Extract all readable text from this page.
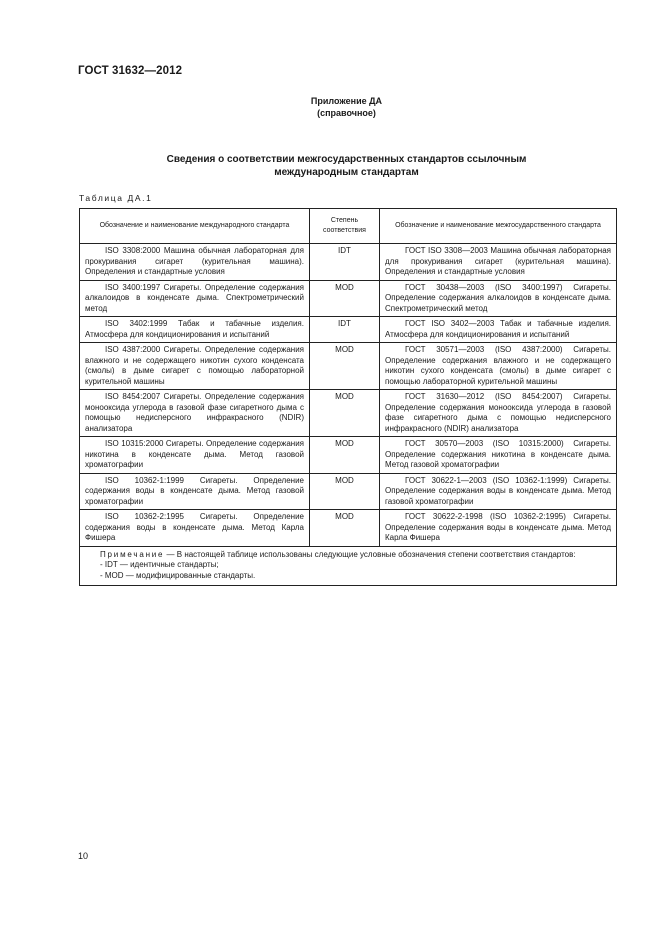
ГОСТ 31632—2012
Приложение ДА
(справочное)
Сведения о соответствии межгосударственных стандартов ссылочным
международным стандартам
Таблица ДА.1
Обозначение и наименование международного стандарта	Степень соответствия	Обозначение и наименование межгосударственного стандарта
ISO 3308:2000 Машина обычная лабораторная для прокуривания сигарет (курительная машина). Определения и стандартные условия	IDT	ГОСТ ISO 3308—2003 Машина обычная лабораторная для прокуривания сигарет (курительная машина). Определения и стандартные условия
ISO 3400:1997 Сигареты. Определение содержания алкалоидов в конденсате дыма. Спектрометрический метод	MOD	ГОСТ 30438—2003 (ISO 3400:1997) Сигареты. Определение содержания алкалоидов в конденсате дыма. Спектрометрический метод
ISO 3402:1999 Табак и табачные изделия. Атмосфера для кондиционирования и испытаний	IDT	ГОСТ ISO 3402—2003 Табак и табачные изделия. Атмосфера для кондиционирования и испытаний
ISO 4387:2000 Сигареты. Определение содержания влажного и не содержащего никотин сухого конденсата (смолы) в дыме сигарет с помощью лабораторной курительной машины	MOD	ГОСТ 30571—2003 (ISO 4387:2000) Сигареты. Определение содержания влажного и не содержащего никотин сухого конденсата (смолы) в дыме сигарет с помощью лабораторной курительной машины
ISO 8454:2007 Сигареты. Определение содержания монооксида углерода в газовой фазе сигаретного дыма с помощью недисперсного инфракрасного (NDIR) анализатора	MOD	ГОСТ 31630—2012 (ISO 8454:2007) Сигареты. Определение содержания монооксида углерода в газовой фазе сигаретного дыма с помощью недисперсного инфракрасного (NDIR) анализатора
ISO 10315:2000 Сигареты. Определение содержания никотина в конденсате дыма. Метод газовой хроматографии	MOD	ГОСТ 30570—2003 (ISO 10315:2000) Сигареты. Определение содержания никотина в конденсате дыма. Метод газовой хроматографии
ISO 10362-1:1999 Сигареты. Определение содержания воды в конденсате дыма. Метод газовой хроматографии	MOD	ГОСТ 30622-1—2003 (ISO 10362-1:1999) Сигареты. Определение содержания воды в конденсате дыма. Метод газовой хроматографии
ISO 10362-2:1995 Сигареты. Определение содержания воды в конденсате дыма. Метод Карла Фишера	MOD	ГОСТ 30622-2-1998 (ISO 10362-2:1995) Сигареты. Определение содержания воды в конденсате дыма. Метод Карла Фишера
Примечание — В настоящей таблице использованы следующие условные обозначения степени соответствия стандартов:
- IDT — идентичные стандарты;
- MOD — модифицированные стандарты.		
10
